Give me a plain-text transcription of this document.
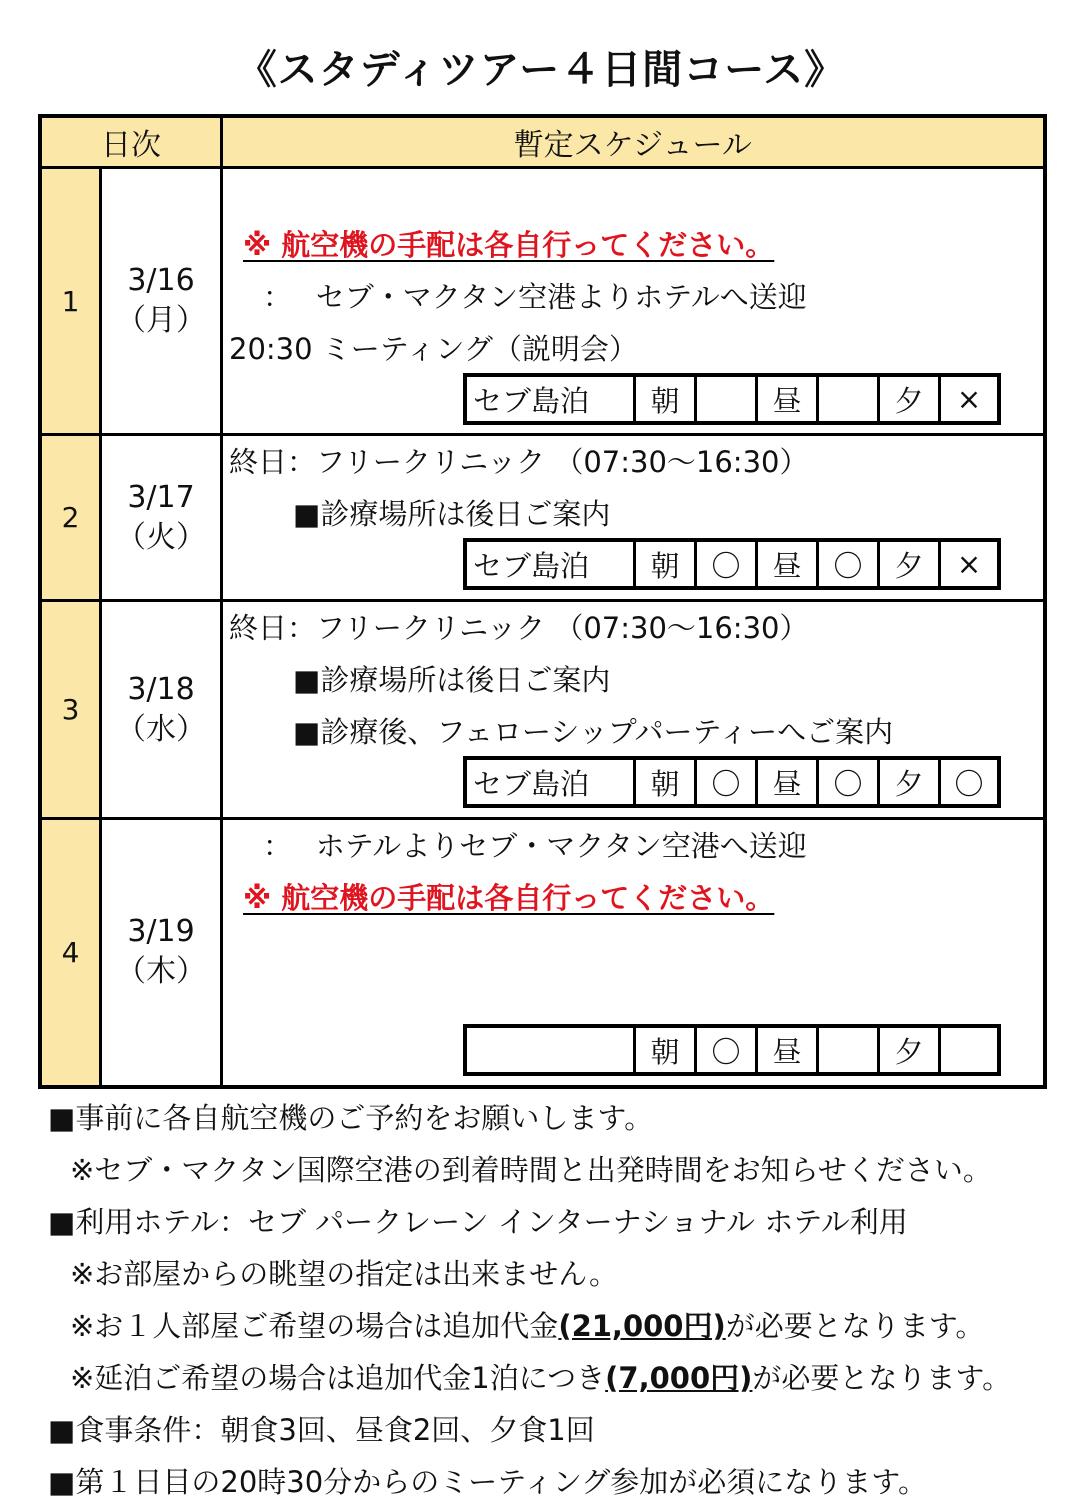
《スタディツアー４日間コース》
日次	暫定スケジュール
1	
3/16
（月）

※ 航空機の手配は各自行ってください。
：　 セブ・マクタン空港よりホテルへ送迎
20:30 ミーティング（説明会）
セブ島泊	朝		昼		夕	×

2	
3/17
（火）

終日：フリークリニック （07:30～16:30）
■診療場所は後日ご案内
セブ島泊	朝	〇	昼	〇	夕	×

3	
3/18
（水）

終日：フリークリニック （07:30～16:30）
■診療場所は後日ご案内
■診療後、フェローシップパーティーへご案内
セブ島泊	朝	〇	昼	〇	夕	〇

4	
3/19
（木）

：　 ホテルよりセブ・マクタン空港へ送迎
※ 航空機の手配は各自行ってください。
	朝	〇	昼		夕	
■事前に各自航空機のご予約をお願いします。
※セブ・マクタン国際空港の到着時間と出発時間をお知らせください。
■利用ホテル：セブ パークレーン インターナショナル ホテル利用
※お部屋からの眺望の指定は出来ません。
※お１人部屋ご希望の場合は追加代金(21,000円)が必要となります。
※延泊ご希望の場合は追加代金1泊につき(7,000円)が必要となります。
■食事条件：朝食3回、昼食2回、夕食1回
■第１日目の20時30分からのミーティング参加が必須になります。
